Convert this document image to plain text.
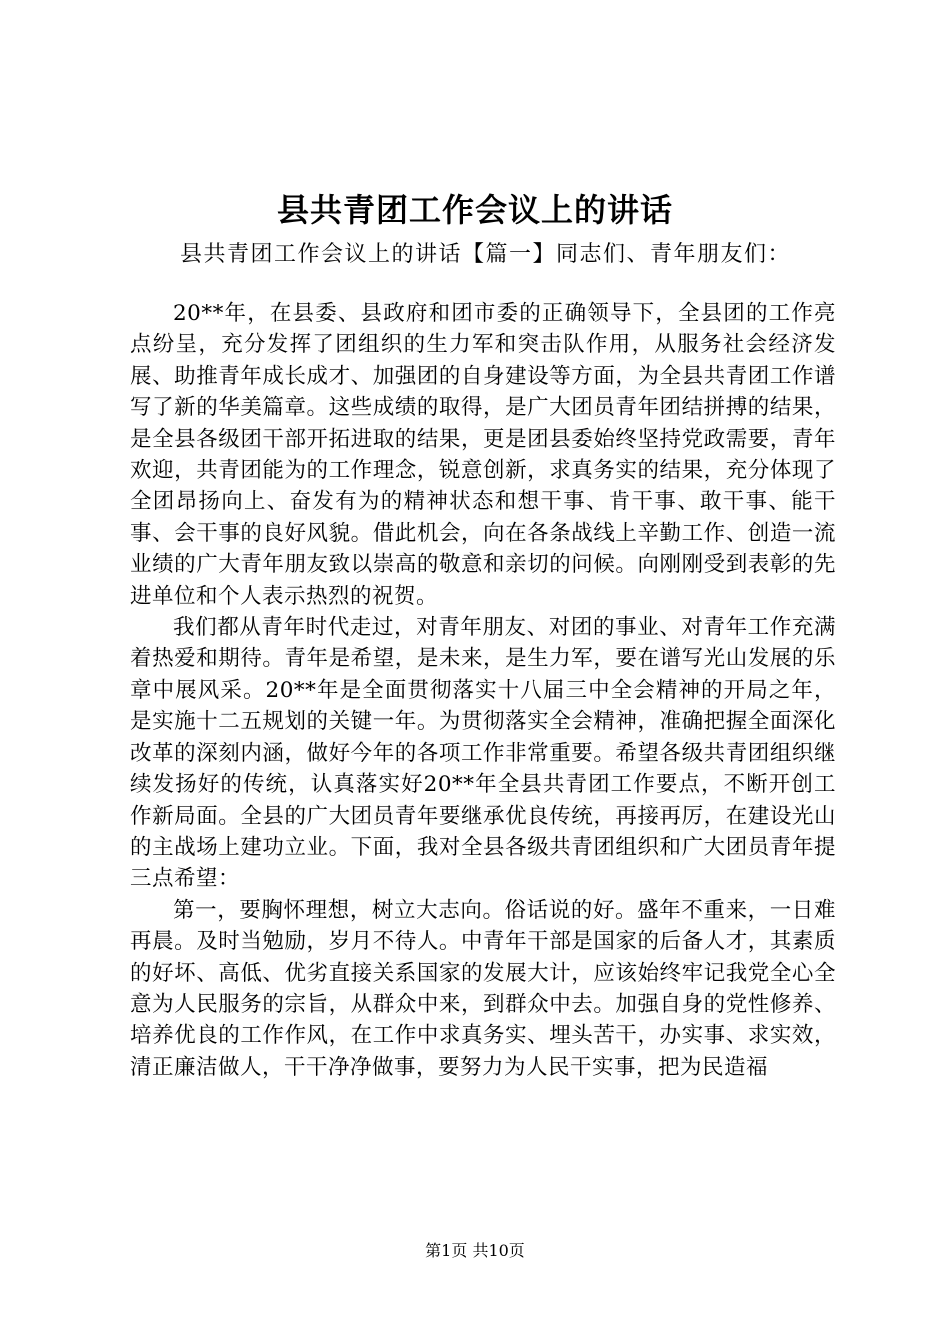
县共青团工作会议上的讲话
县共青团工作会议上的讲话【篇一】同志们、青年朋友们：

20**年，在县委、县政府和团市委的正确领导下，全县团的工作亮点纷呈，充分发挥了团组织的生力军和突击队作用，从服务社会经济发展、助推青年成长成才、加强团的自身建设等方面，为全县共青团工作谱写了新的华美篇章。这些成绩的取得，是广大团员青年团结拼搏的结果，是全县各级团干部开拓进取的结果，更是团县委始终坚持党政需要，青年欢迎，共青团能为的工作理念，锐意创新，求真务实的结果，充分体现了全团昂扬向上、奋发有为的精神状态和想干事、肯干事、敢干事、能干事、会干事的良好风貌。借此机会，向在各条战线上辛勤工作、创造一流业绩的广大青年朋友致以崇高的敬意和亲切的问候。向刚刚受到表彰的先进单位和个人表示热烈的祝贺。

我们都从青年时代走过，对青年朋友、对团的事业、对青年工作充满着热爱和期待。青年是希望，是未来，是生力军，要在谱写光山发展的乐章中展风采。20**年是全面贯彻落实十八届三中全会精神的开局之年，是实施十二五规划的关键一年。为贯彻落实全会精神，准确把握全面深化改革的深刻内涵，做好今年的各项工作非常重要。希望各级共青团组织继续发扬好的传统，认真落实好20**年全县共青团工作要点，不断开创工作新局面。全县的广大团员青年要继承优良传统，再接再厉，在建设光山的主战场上建功立业。下面，我对全县各级共青团组织和广大团员青年提三点希望：

第一，要胸怀理想，树立大志向。俗话说的好。盛年不重来，一日难再晨。及时当勉励，岁月不待人。中青年干部是国家的后备人才，其素质的好坏、高低、优劣直接关系国家的发展大计，应该始终牢记我党全心全意为人民服务的宗旨，从群众中来，到群众中去。加强自身的党性修养、培养优良的工作作风，在工作中求真务实、埋头苦干，办实事、求实效，清正廉洁做人，干干净净做事，要努力为人民干实事，把为民造福

第1页 共10页
